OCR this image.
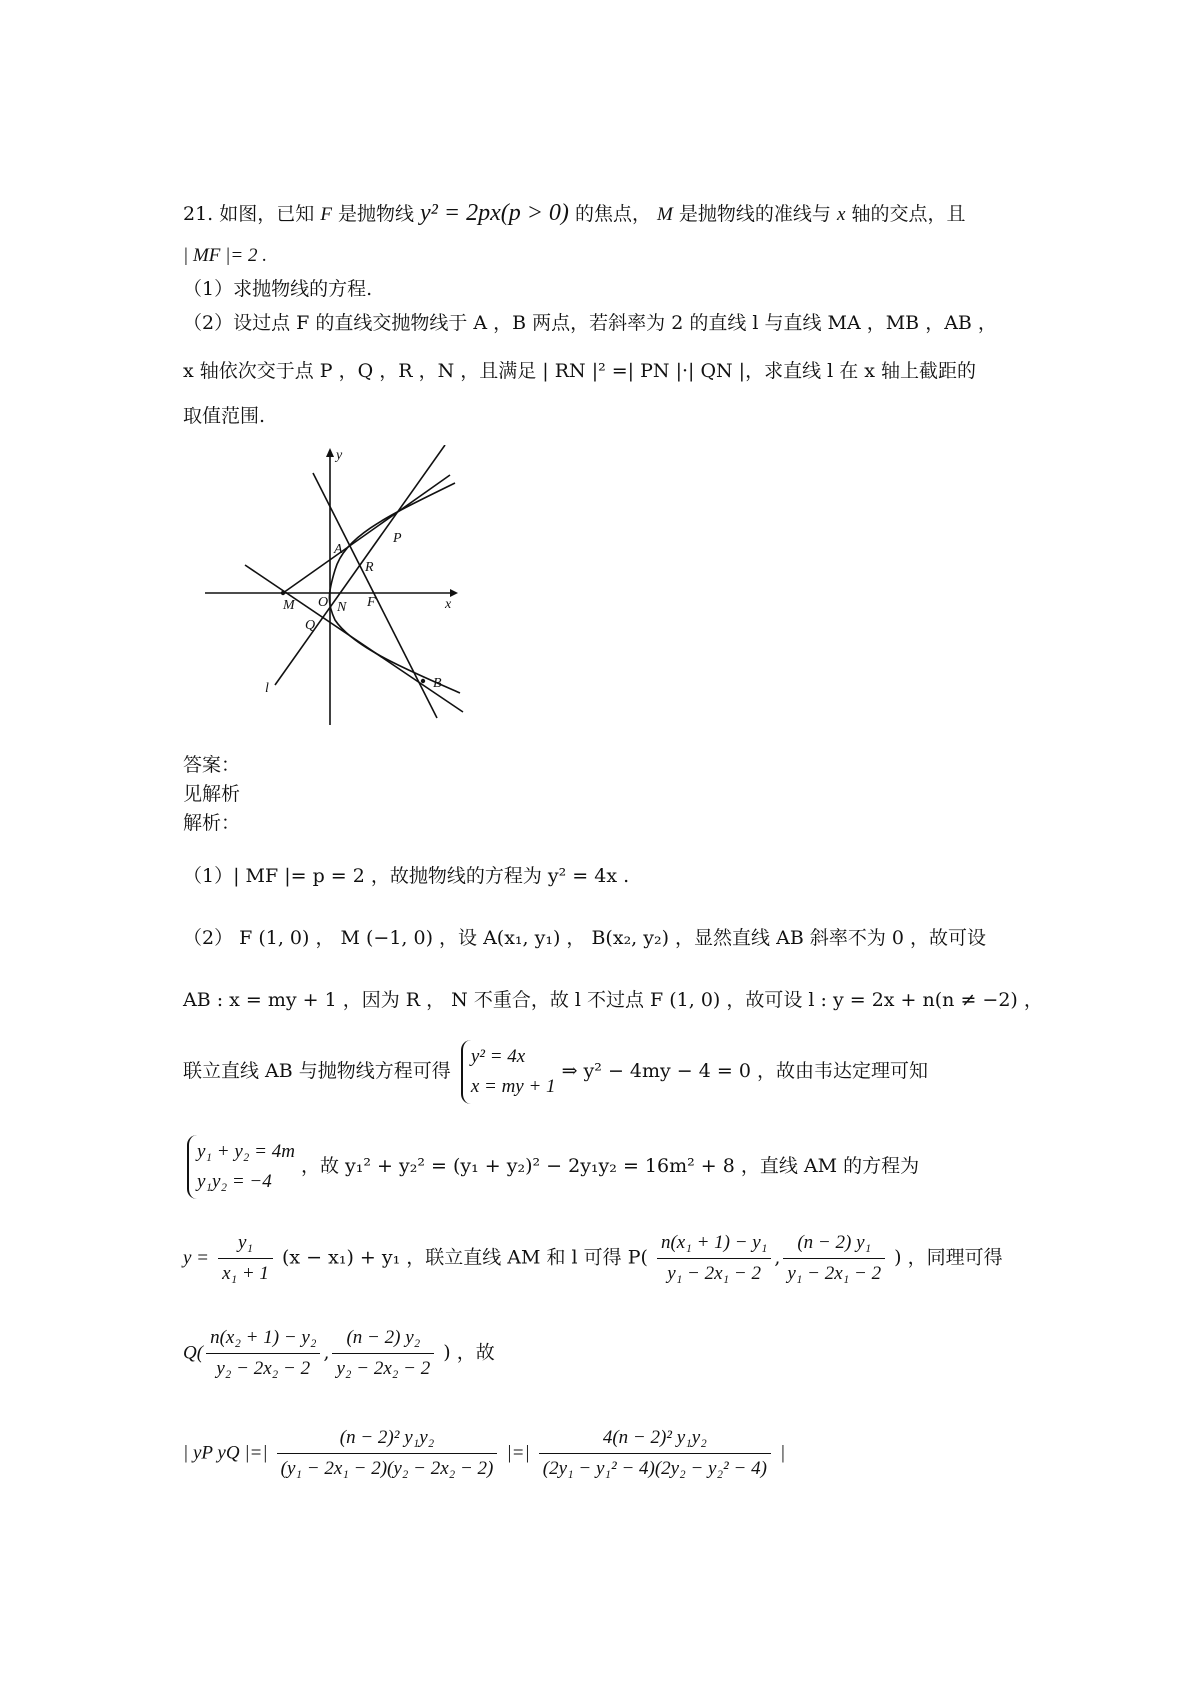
21. 如图，已知 F 是抛物线 y² = 2px(p > 0) 的焦点， M 是抛物线的准线与 x 轴的交点，且
| MF |= 2 .
（1）求抛物线的方程.
（2）设过点 F 的直线交抛物线于 A ，B 两点，若斜率为 2 的直线 l 与直线 MA ，MB ，AB ，
x 轴依次交于点 P ，Q ，R ，N ，且满足 | RN |² =| PN |·| QN |，求直线 l 在 x 轴上截距的
取值范围.
y
x
A
P
R
M O N F
Q
l	B
答案：
见解析
解析：
（1）| MF |= p = 2 ，故抛物线的方程为 y² = 4x .
（2） F (1, 0) ， M (−1, 0) ，设 A(x₁, y₁) ， B(x₂, y₂) ，显然直线 AB 斜率不为 0 ，故可设
AB : x = my + 1 ，因为 R ， N 不重合，故 l 不过点 F (1, 0) ，故可设 l : y = 2x + n(n ≠ −2) ，
联立直线 AB 与抛物线方程可得
y² = 4x
x = my + 1
⇒ y² − 4my − 4 = 0 ，故由韦达定理可知
y₁ + y₂ = 4m
y₁y₂ = −4
，故 y₁² + y₂² = (y₁ + y₂)² − 2y₁y₂ = 16m² + 8 ，直线 AM 的方程为
$y = \frac{\text{y₁}}{\text{x₁ + 1}} (x - x_1) + y_1$ ，联立直线 AM 和 l 可得 $P( \frac{\text{n(x₁ + 1) − y₁}}{\text{y₁ − 2x₁ − 2}}$ , $\frac{\text{(n − 2) y₁}}{\text{y₁ − 2x₁ − 2}}$ ) ，同理可得
$Q( \frac{\text{n(x₂ + 1) − y₂}}{\text{y₂ − 2x₂ − 2}}$ , $\frac{\text{(n − 2) y₂}}{\text{y₂ − 2x₂ − 2}}$ ) ，故
| yP yQ |=| $\frac{\text{(n − 2)² y₁y₂}}{\text{(y₁ − 2x₁ − 2)(y₂ − 2x₂ − 2)}}$ |=| $\frac{\text{4(n − 2)² y₁y₂}}{\text{(2y₁ − y₁² − 4)(2y₂ − y₂² − 4)}}$ |
